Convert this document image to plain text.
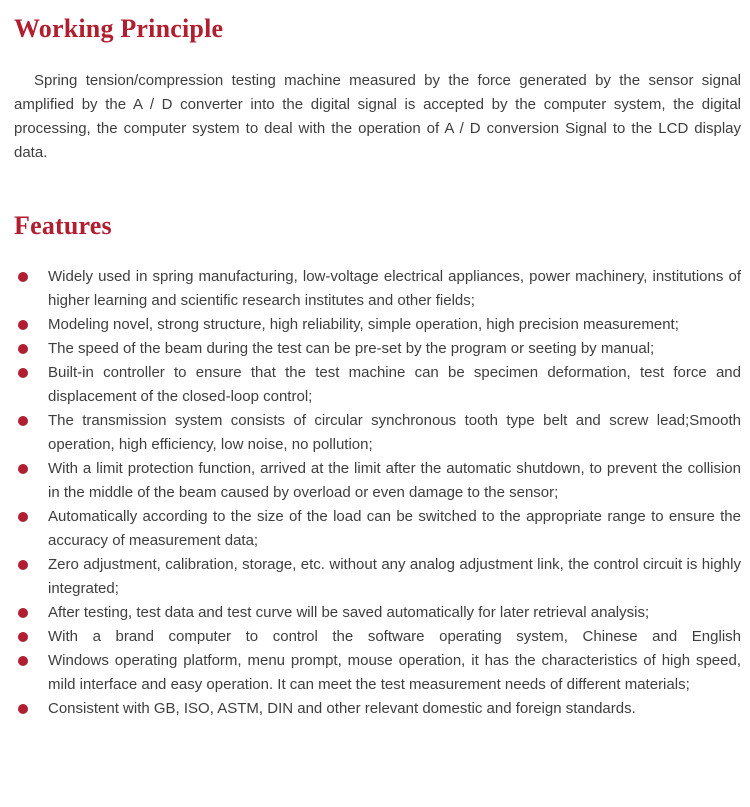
Working Principle

Spring tension/compression testing machine measured by the force generated by the sensor signal amplified by the A / D converter into the digital signal is accepted by the computer system, the digital processing, the computer system to deal with the operation of A / D conversion Signal to the LCD display data.

Features
Widely used in spring manufacturing, low-voltage electrical appliances, power machinery, institutions of higher learning and scientific research institutes and other fields;
Modeling novel, strong structure, high reliability, simple operation, high precision measurement;
The speed of the beam during the test can be pre-set by the program or seeting by manual;
Built-in controller to ensure that the test machine can be specimen deformation, test force and displacement of the closed-loop control;
The transmission system consists of circular synchronous tooth type belt and screw lead;Smooth operation, high efficiency, low noise, no pollution;
With a limit protection function, arrived at the limit after the automatic shutdown, to prevent the collision in the middle of the beam caused by overload or even damage to the sensor;
Automatically according to the size of the load can be switched to the appropriate range to ensure the accuracy of measurement data;
Zero adjustment, calibration, storage, etc. without any analog adjustment link, the control circuit is highly integrated;
After testing, test data and test curve will be saved automatically for later retrieval analysis;
With a brand computer to control the software operating system, Chinese and English
Windows operating platform, menu prompt, mouse operation, it has the characteristics of high speed, mild interface and easy operation. It can meet the test measurement needs of different materials;
Consistent with GB, ISO, ASTM, DIN and other relevant domestic and foreign standards.
